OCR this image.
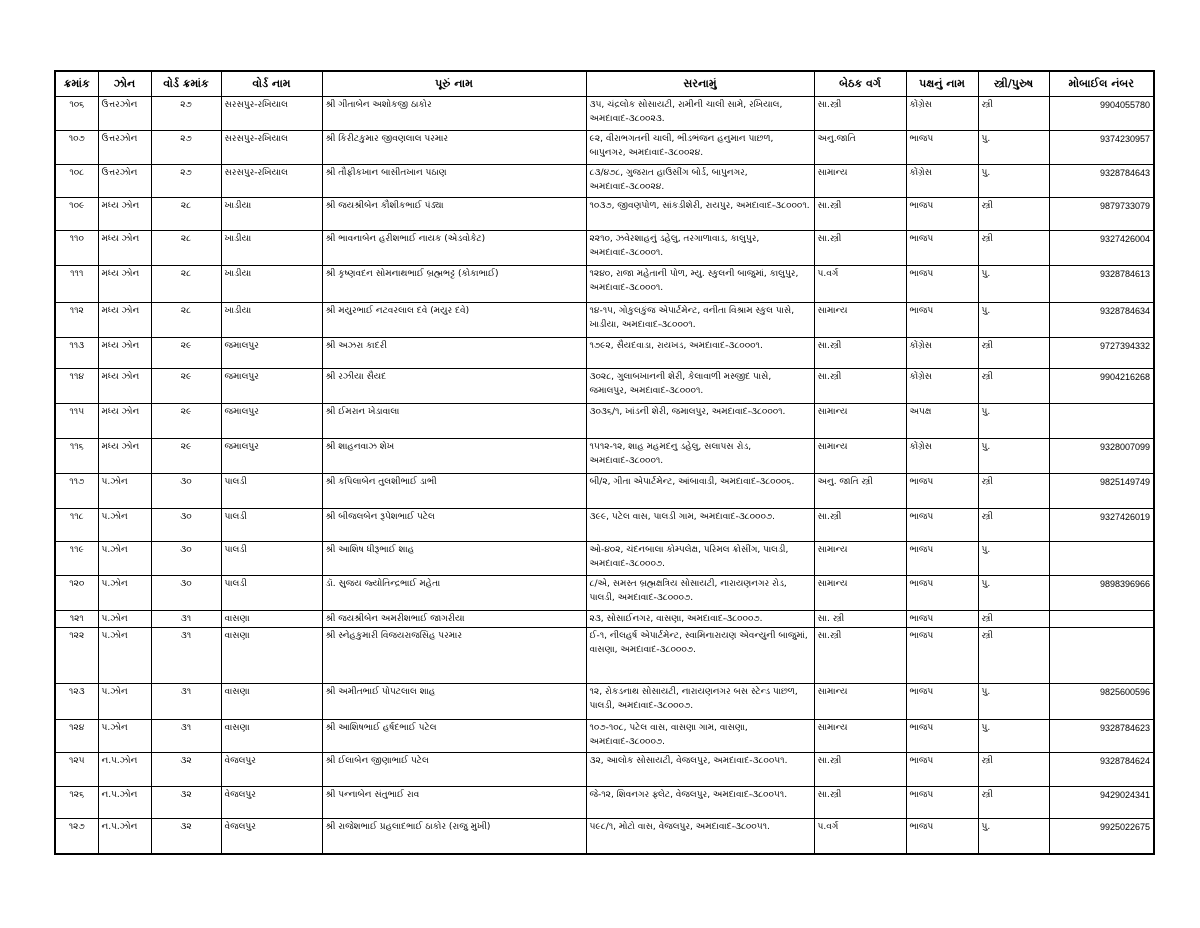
ક્રમાંક	ઝોન	વોર્ડ ક્રમાંક	વોર્ડ નામ	પૂરું નામ	સરનામું	બેઠક વર્ગ	પક્ષનું નામ	સ્ત્રી/પુરુષ	મોબાઈલ નંબર
૧૦૬	ઉત્તરઝોન	૨૭	સરસપુર-રખિયાલ	શ્રી ગીતાબેન અશોકજી ઠાકોર	૩૫, ચંદ્રલોક સોસાયટી, રામીની ચાલી સામે, રખિયાલ, અમદાવાદ-૩૮૦૦૨૩.	સા.સ્ત્રી	કોંગ્રેસ	સ્ત્રી	9904055780
૧૦૭	ઉત્તરઝોન	૨૭	સરસપુર-રખિયાલ	શ્રી કિરીટકુમાર જીવણલાલ પરમાર	૯૨, વીરાભગતની ચાલી, ભીડભંજન હનુમાન પાછળ, બાપુનગર, અમદાવાદ-૩૮૦૦૨૪.	અનુ.જાતિ	ભાજપ	પુ.	9374230957
૧૦૮	ઉત્તરઝોન	૨૭	સરસપુર-રખિયાલ	શ્રી તૌફીકખાન બાસીતખાન પઠાણ	૮૩/૪૭૮, ગુજરાત હાઉસીંગ બોર્ડ, બાપુનગર, અમદાવાદ-૩૮૦૦૨૪.	સામાન્ય	કોંગ્રેસ	પુ.	9328784643
૧૦૯	મધ્ય ઝોન	૨૮	ખાડીયા	શ્રી જયશ્રીબેન કૌશીકભાઈ પંડ્યા	૧૦૩૭, જીવણપોળ, સાંકડીશેરી, રાયપુર, અમદાવાદ-૩૮૦૦૦૧.	સા.સ્ત્રી	ભાજપ	સ્ત્રી	9879733079
૧૧૦	મધ્ય ઝોન	૨૮	ખાડીયા	શ્રી ભાવનાબેન હરીશભાઈ નાયક (એડવોકેટ)	૨૨૧૦, ઝવેરશાહનું ડહેલુ, તરગાળાવાડ, કાલુપુર, અમદાવાદ-૩૮૦૦૦૧.	સા.સ્ત્રી	ભાજપ	સ્ત્રી	9327426004
૧૧૧	મધ્ય ઝોન	૨૮	ખાડીયા	શ્રી કૃષ્ણવદન સોમનાથભાઈ બ્રહ્મભટ્ટ (કોકાભાઈ)	૧૨૪૦, રાજા મહેતાની પોળ, મ્યુ. સ્કુલની બાજુમાં, કાલુપુર, અમદાવાદ-૩૮૦૦૦૧.	પ.વર્ગ	ભાજપ	પુ.	9328784613
૧૧૨	મધ્ય ઝોન	૨૮	ખાડીયા	શ્રી મયુરભાઈ નટવરલાલ દવે (મયુર દવે)	૧૪-૧૫, ગોકુલકુંજ એપાર્ટમેન્ટ, વનીતા વિશ્રામ સ્કુલ પાસે, ખાડીયા, અમદાવાદ-૩૮૦૦૦૧.	સામાન્ય	ભાજપ	પુ.	9328784634
૧૧૩	મધ્ય ઝોન	૨૯	જમાલપુર	શ્રી અઝરા કાદરી	૧૭૯૨, સૈયદવાડા, રાયખડ, અમદાવાદ-૩૮૦૦૦૧.	સા.સ્ત્રી	કોંગ્રેસ	સ્ત્રી	9727394332
૧૧૪	મધ્ય ઝોન	૨૯	જમાલપુર	શ્રી રઝીયા સૈયદ	૩૦૨૮, ગુલાબખાનની શેરી, કેલાવાળી મસ્જીદ પાસે, જમાલપુર, અમદાવાદ-૩૮૦૦૦૧.	સા.સ્ત્રી	કોંગ્રેસ	સ્ત્રી	9904216268
૧૧૫	મધ્ય ઝોન	૨૯	જમાલપુર	શ્રી ઈમરાન ખેડાવાલા	૩૦૩૬/૧, ખાંડની શેરી, જમાલપુર, અમદાવાદ-૩૮૦૦૦૧.	સામાન્ય	અપક્ષ	પુ.	
૧૧૬	મધ્ય ઝોન	૨૯	જમાલપુર	શ્રી શાહનવાઝ શેખ	૧૫૧૨-૧૨, શાહ મહમદનુ ડહેલુ, સલાપસ રોડ, અમદાવાદ-૩૮૦૦૦૧.	સામાન્ય	કોંગ્રેસ	પુ.	9328007099
૧૧૭	પ.ઝોન	૩૦	પાલડી	શ્રી કપિલાબેન તુલશીભાઈ ડાભી	બી/૨, ગીતા એપાર્ટમેન્ટ, આંબાવાડી, અમદાવાદ-૩૮૦૦૦૬.	અનુ. જાતિ સ્ત્રી	ભાજપ	સ્ત્રી	9825149749
૧૧૮	પ.ઝોન	૩૦	પાલડી	શ્રી બીજલબેન રૂપેશભાઈ પટેલ	૩૯૯, પટેલ વાસ, પાલડી ગામ, અમદાવાદ-૩૮૦૦૦૭.	સા.સ્ત્રી	ભાજપ	સ્ત્રી	9327426019
૧૧૯	પ.ઝોન	૩૦	પાલડી	શ્રી આશિષ ધીરૂભાઈ શાહ	ઓ-૪૦૨, ચંદનબાલા કોમ્પલેક્ષ, પરિમલ ક્રોસીંગ, પાલડી, અમદાવાદ-૩૮૦૦૦૭.	સામાન્ય	ભાજપ	પુ.	
૧૨૦	પ.ઝોન	૩૦	પાલડી	ડૉ. સુજય જ્યોતિન્દ્રભાઈ મહેતા	૮/એ, સમસ્ત બ્રહ્મક્ષત્રિય સોસાયટી, નારાયણનગર રોડ, પાલડી, અમદાવાદ-૩૮૦૦૦૭.	સામાન્ય	ભાજપ	પુ.	9898396966
૧૨૧	પ.ઝોન	૩૧	વાસણા	શ્રી જયશ્રીબેન અમરીશભાઈ જાગરીયા	૨૩, સોસાઈનગર, વાસણા, અમદાવાદ-૩૮૦૦૦૭.	સા. સ્ત્રી	ભાજપ	સ્ત્રી	
૧૨૨	પ.ઝોન	૩૧	વાસણા	શ્રી સ્નેહકુમારી વિજયરાજસિંહ પરમાર	ઈ-૧, નીલહર્ષ એપાર્ટમેન્ટ, સ્વામિનારાયણ એવન્યુની બાજુમાં, વાસણા, અમદાવાદ-૩૮૦૦૦૭.	સા.સ્ત્રી	ભાજપ	સ્ત્રી	
૧૨૩	પ.ઝોન	૩૧	વાસણા	શ્રી અમીતભાઈ પોપટલાલ શાહ	૧૨, રોકડનાથ સોસાયટી, નારાયણનગર બસ સ્ટેન્ડ પાછળ, પાલડી, અમદાવાદ-૩૮૦૦૦૭.	સામાન્ય	ભાજપ	પુ.	9825600596
૧૨૪	પ.ઝોન	૩૧	વાસણા	શ્રી આશિષભાઈ હર્ષદભાઈ પટેલ	૧૦૭-૧૦૮, પટેલ વાસ, વાસણા ગામ, વાસણા, અમદાવાદ-૩૮૦૦૦૭.	સામાન્ય	ભાજપ	પુ.	9328784623
૧૨૫	ન.પ.ઝોન	૩૨	વેજલપુર	શ્રી ઈલાબેન જીણાભાઈ પટેલ	૩૨, આલોક સોસાયટી, વેજલપુર, અમદાવાદ-૩૮૦૦૫૧.	સા.સ્ત્રી	ભાજપ	સ્ત્રી	9328784624
૧૨૬	ન.પ.ઝોન	૩૨	વેજલપુર	શ્રી પન્નાબેન સંતુભાઈ રાવ	જે-૧૨, શિવનગર ફ્લેટ, વેજલપુર, અમદાવાદ-૩૮૦૦૫૧.	સા.સ્ત્રી	ભાજપ	સ્ત્રી	9429024341
૧૨૭	ન.પ.ઝોન	૩૨	વેજલપુર	શ્રી રાજેશભાઈ પ્રહલાદભાઈ ઠાકોર (રાજુ મુખી)	૫૯૮/૧, મોટો વાસ, વેજલપુર, અમદાવાદ-૩૮૦૦૫૧.	પ.વર્ગ	ભાજપ	પુ.	9925022675
